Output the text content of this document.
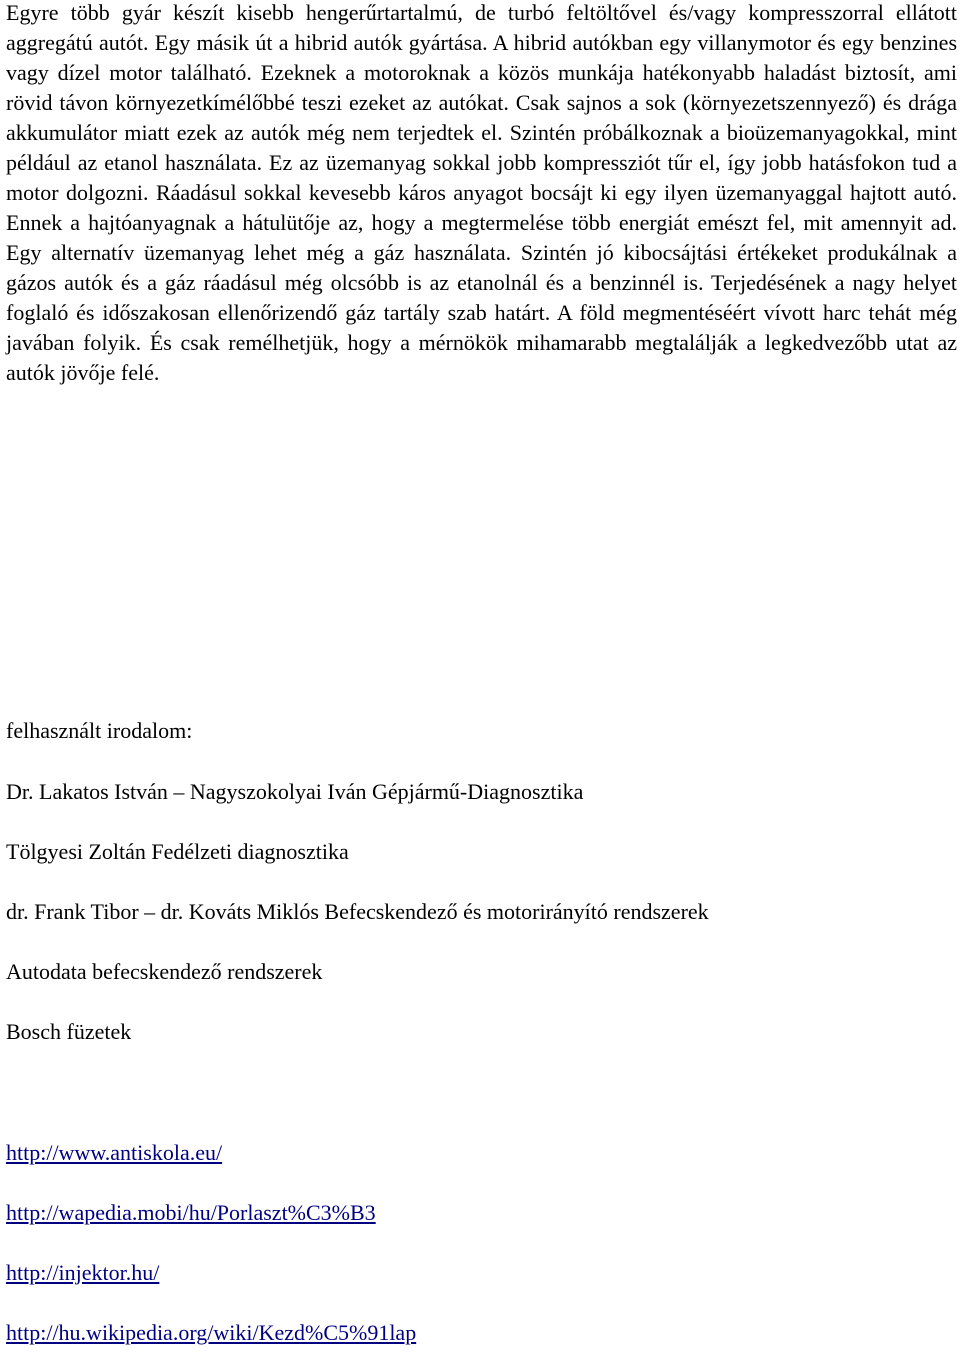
Egyre több gyár készít kisebb hengerűrtartalmú, de turbó feltöltővel és/vagy kompresszorral ellátott aggregátú autót. Egy másik út a hibrid autók gyártása. A hibrid autókban egy villanymotor és egy benzines vagy dízel motor található. Ezeknek a motoroknak a közös munkája hatékonyabb haladást biztosít, ami rövid távon környezetkímélőbbé teszi ezeket az autókat. Csak sajnos a sok (környezetszennyező) és drága akkumulátor miatt ezek az autók még nem terjedtek el. Szintén próbálkoznak a bioüzemanyagokkal, mint például az etanol használata. Ez az üzemanyag sokkal jobb kompressziót tűr el, így jobb hatásfokon tud a motor dolgozni. Ráadásul sokkal kevesebb káros anyagot bocsájt ki egy ilyen üzemanyaggal hajtott autó. Ennek a hajtóanyagnak a hátulütője az, hogy a megtermelése több energiát emészt fel, mit amennyit ad. Egy alternatív üzemanyag lehet még a gáz használata. Szintén jó kibocsájtási értékeket produkálnak a gázos autók és a gáz ráadásul még olcsóbb is az etanolnál és a benzinnél is. Terjedésének a nagy helyet foglaló és időszakosan ellenőrizendő gáz tartály szab határt. A föld megmentéséért vívott harc tehát még javában folyik. És csak remélhetjük, hogy a mérnökök mihamarabb megtalálják a legkedvezőbb utat az autók jövője felé.

felhasznált irodalom:

Dr. Lakatos István – Nagyszokolyai Iván Gépjármű-Diagnosztika

Tölgyesi Zoltán Fedélzeti diagnosztika

dr. Frank Tibor – dr. Kováts Miklós Befecskendező és motorirányító rendszerek

Autodata befecskendező rendszerek

Bosch füzetek

http://www.antiskola.eu/

http://wapedia.mobi/hu/Porlaszt%C3%B3

http://injektor.hu/

http://hu.wikipedia.org/wiki/Kezd%C5%91lap
